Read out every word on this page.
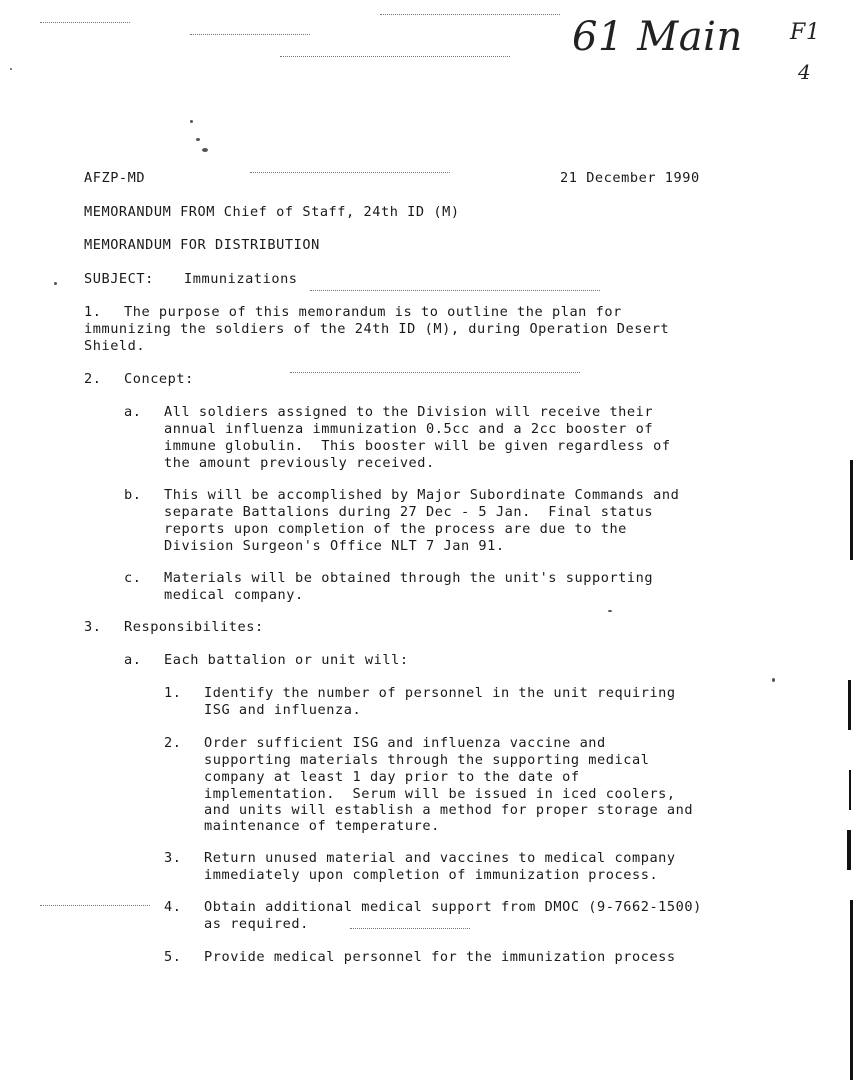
61 Main F1
4
AFZP-MD	21 December 1990
MEMORANDUM FROM Chief of Staff, 24th ID (M)
MEMORANDUM FOR DISTRIBUTION
SUBJECT: Immunizations
1. The purpose of this memorandum is to outline the plan for
immunizing the soldiers of the 24th ID (M), during Operation Desert
Shield.
2. Concept:
a. All soldiers assigned to the Division will receive their
annual influenza immunization 0.5cc and a 2cc booster of
immune globulin.  This booster will be given regardless of
the amount previously received.
b. This will be accomplished by Major Subordinate Commands and
separate Battalions during 27 Dec - 5 Jan.  Final status
reports upon completion of the process are due to the
Division Surgeon's Office NLT 7 Jan 91.
c. Materials will be obtained through the unit's supporting
medical company.
3. Responsibilites:
a. Each battalion or unit will:
1. Identify the number of personnel in the unit requiring
ISG and influenza.
2. Order sufficient ISG and influenza vaccine and
supporting materials through the supporting medical
company at least 1 day prior to the date of
implementation.  Serum will be issued in iced coolers,
and units will establish a method for proper storage and
maintenance of temperature.
3. Return unused material and vaccines to medical company
immediately upon completion of immunization process.
4. Obtain additional medical support from DMOC (9-7662-1500)
as required.
5. Provide medical personnel for the immunization process
